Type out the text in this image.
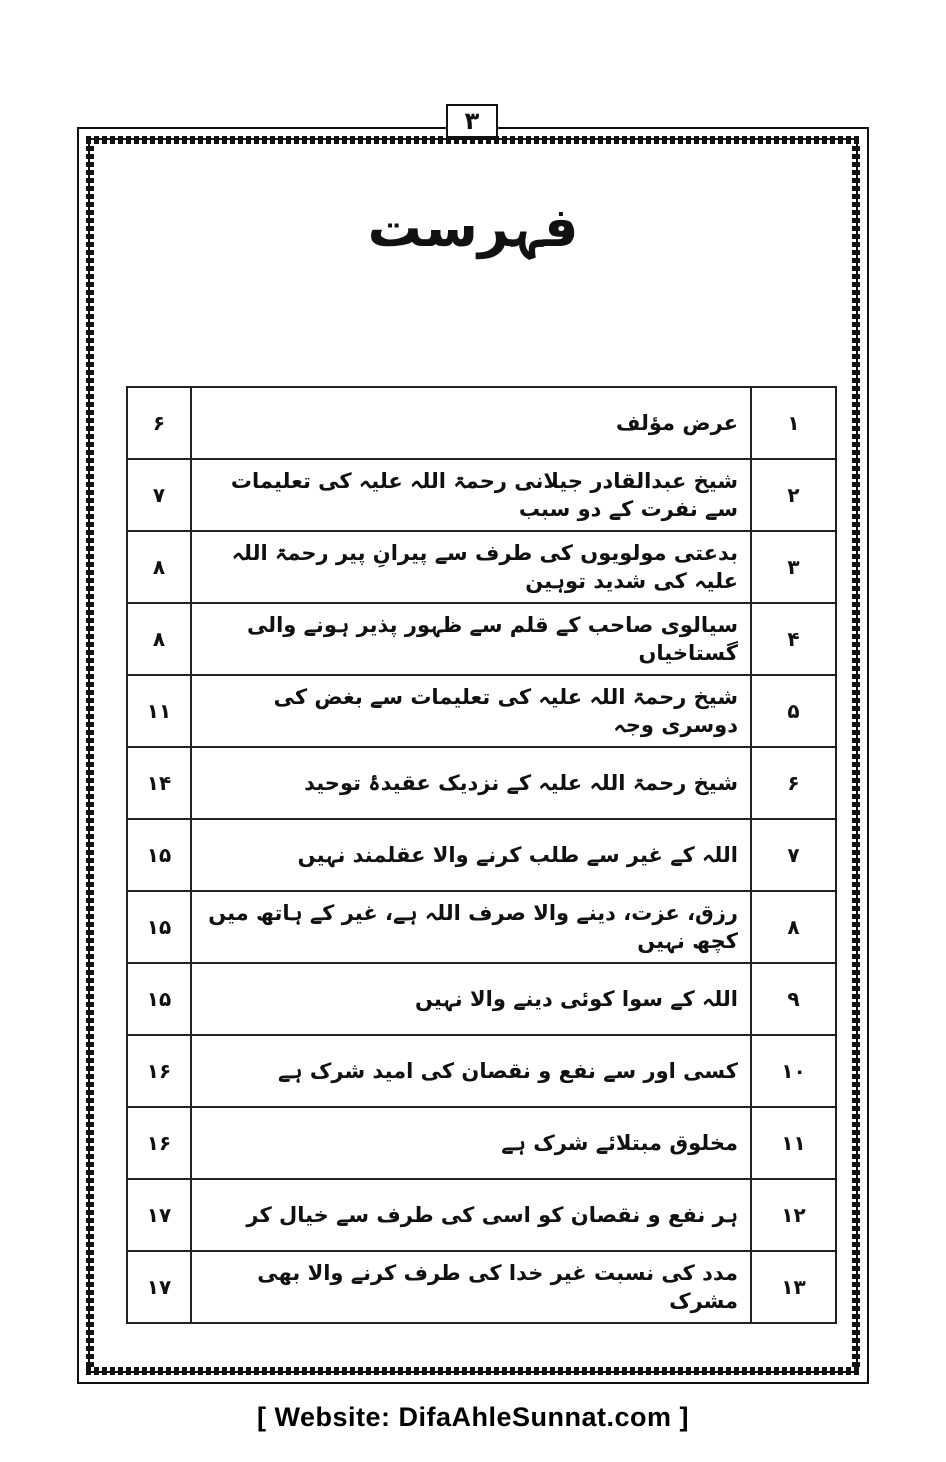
۳
فہرست
۱	عرض مؤلف	۶
۲	شیخ عبدالقادر جیلانی رحمۃ اللہ علیہ کی تعلیمات سے نفرت کے دو سبب	۷
۳	بدعتی مولویوں کی طرف سے پیرانِ پیر رحمۃ اللہ علیہ کی شدید توہین	۸
۴	سیالوی صاحب کے قلم سے ظہور پذیر ہونے والی گستاخیاں	۸
۵	شیخ رحمۃ اللہ علیہ کی تعلیمات سے بغض کی دوسری وجہ	۱۱
۶	شیخ رحمۃ اللہ علیہ کے نزدیک عقیدۂ توحید	۱۴
۷	اللہ کے غیر سے طلب کرنے والا عقلمند نہیں	۱۵
۸	رزق، عزت، دینے والا صرف اللہ ہے، غیر کے ہاتھ میں کچھ نہیں	۱۵
۹	اللہ کے سوا کوئی دینے والا نہیں	۱۵
۱۰	کسی اور سے نفع و نقصان کی امید شرک ہے	۱۶
۱۱	مخلوق مبتلائے شرک ہے	۱۶
۱۲	ہر نفع و نقصان کو اسی کی طرف سے خیال کر	۱۷
۱۳	مدد کی نسبت غیر خدا کی طرف کرنے والا بھی مشرک	۱۷
[ Website: DifaAhleSunnat.com ]
